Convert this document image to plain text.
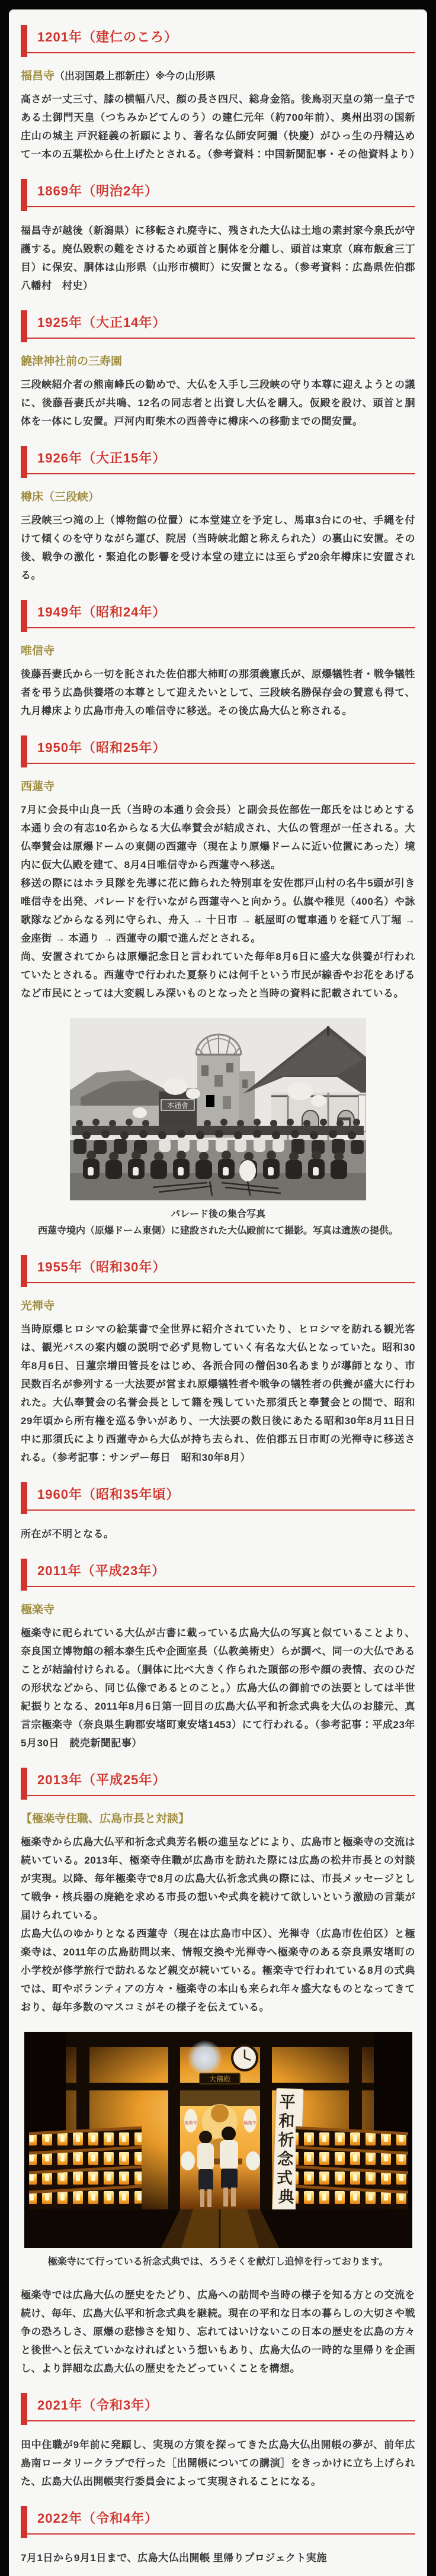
1201年（建仁のころ）
福昌寺（出羽国最上郡新庄）※今の山形県

髙さが一丈三寸、膝の横幅八尺、顔の長さ四尺、総身金箔。後鳥羽天皇の第一皇子である土御門天皇（つちみかどてんのう）の建仁元年（約700年前）、奥州出羽の国新庄山の城主 戸沢経義の祈願により、著名な仏師安阿彌（快慶）がひっ生の丹精込めて一本の五葉松から仕上げたとされる。（参考資料：中国新聞記事・その他資料より）

1869年（明治2年）

福昌寺が越後（新潟県）に移転され廃寺に、残された大仏は土地の素封家今泉氏が守護する。廃仏毀釈の難をさけるため頭首と胴体を分離し、頭首は東京（麻布飯倉三丁目）に保安、胴体は山形県（山形市横町）に安置となる。（参考資料：広島県佐伯郡八幡村　村史）

1925年（大正14年）
饒津神社前の三寿園

三段峡紹介者の熊南峰氏の勧めで、大仏を入手し三段峡の守り本尊に迎えようとの議に、後藤吾妻氏が共鳴、12名の同志者と出資し大仏を購入。仮殿を設け、頭首と胴体を一体にし安置。戸河内町柴木の西善寺に樽床への移動までの間安置。

1926年（大正15年）
樽床（三段峡）

三段峡三つ滝の上（博物館の位置）に本堂建立を予定し、馬車3台にのせ、手縄を付けて傾くのを守りながら運び、院居（当時峡北館と称えられた）の裏山に安置。その後、戦争の激化・緊迫化の影響を受け本堂の建立には至らず20余年樽床に安置される。

1949年（昭和24年）
唯信寺

後藤吾妻氏から一切を託された佐伯郡大柿町の那須義憲氏が、原爆犠牲者・戦争犠牲者を弔う広島供養塔の本尊として迎えたいとして、三段峡名勝保存会の賛意も得て、九月樽床より広島市舟入の唯信寺に移送。その後広島大仏と称される。

1950年（昭和25年）
西蓮寺

7月に会長中山良一氏（当時の本通り会会長）と副会長佐部佐一郎氏をはじめとする本通り会の有志10名からなる大仏奉賛会が結成され、大仏の管理が一任される。大仏奉賛会は原爆ドームの東側の西蓮寺（現在より原爆ドームに近い位置にあった）境内に仮大仏殿を建て、8月4日唯信寺から西蓮寺へ移送。

移送の際にはホラ貝隊を先導に花に飾られた特別車を安佐郡戸山村の名牛5頭が引き唯信寺を出発、パレードを行いながら西蓮寺へと向かう。仏旗や稚児（400名）や詠歌隊などからなる列に守られ、舟入 → 十日市 → 紙屋町の電車通りを経て八丁堀 → 金座街 → 本通り → 西蓮寺の順で進んだとされる。

尚、安置されてからは原爆記念日と言われていた毎年8月6日に盛大な供養が行われていたとされる。西蓮寺で行われた夏祭りには何千という市民が線香やお花をあげるなど市民にとっては大変親しみ深いものとなったと当時の資料に記載されている。

本通會

パレード後の集合写真

西蓮寺境内（原爆ドーム東側）に建設された大仏殿前にて撮影。写真は遺族の提供。

1955年（昭和30年）
光禅寺

当時原爆ヒロシマの絵葉書で全世界に紹介されていたり、ヒロシマを訪れる観光客は、観光バスの案内嬢の説明で必ず見物していく有名な大仏となっていた。昭和30年8月6日、日蓮宗増田管長をはじめ、各派合同の僧侶30名あまりが導師となり、市民数百名が参列する一大法要が営まれ原爆犠牲者や戦争の犠牲者の供養が盛大に行われた。大仏奉賛会の名誉会長として籍を残していた那須氏と奉賛会との間で、昭和29年頃から所有権を巡る争いがあり、一大法要の数日後にあたる昭和30年8月11日日中に那須氏により西蓮寺から大仏が持ち去られ、佐伯郡五日市町の光禅寺に移送される。（参考記事：サンデー毎日　昭和30年8月）

1960年（昭和35年頃）

所在が不明となる。

2011年（平成23年）
極楽寺

極楽寺に祀られている大仏が古書に載っている広島大仏の写真と似ていることより、奈良国立博物館の稲本泰生氏や企画室長（仏教美術史）らが調べ、同一の大仏であることが結論付けられる。（胴体に比べ大きく作られた頭部の形や顔の表情、衣のひだの形状などから、同じ仏像であるとのこと。）広島大仏の御前での法要としては半世紀振りとなる、2011年8月6日第一回目の広島大仏平和祈念式典を大仏のお膝元、真言宗極楽寺（奈良県生駒郡安堵町東安堵1453）にて行われる。（参考記事：平成23年5月30日　読売新聞記事）

2013年（平成25年）
【極楽寺住職、広島市長と対談】

極楽寺から広島大仏平和祈念式典芳名帳の進呈などにより、広島市と極楽寺の交流は続いている。2013年、極楽寺住職が広島市を訪れた際には広島の松井市長との対談が実現。以降、毎年極楽寺で8月の広島大仏祈念式典の際には、市長メッセージとして戦争・核兵器の廃絶を求める市長の想いや式典を続けて欲しいという激励の言葉が届けられている。

広島大仏のゆかりとなる西蓮寺（現在は広島市中区）、光禅寺（広島市佐伯区）と極楽寺は、2011年の広島訪問以来、情報交換や光禅寺へ極楽寺のある奈良県安堵町の小学校が修学旅行で訪れるなど親交が続いている。極楽寺で行われている8月の式典では、町やボランティアの方々・極楽寺の本山も来られ年々盛大なものとなってきており、毎年多数のマスコミがその様子を伝えている。

大佛殿
極楽寺	極楽寺
平 和 祈 念 式 典

極楽寺にて行っている祈念式典では、ろうそくを献灯し追悼を行っております。

極楽寺では広島大仏の歴史をたどり、広島への訪問や当時の様子を知る方との交流を続け、毎年、広島大仏平和祈念式典を継続。現在の平和な日本の暮らしの大切さや戦争の恐ろしさ、原爆の悲惨さを知り、忘れてはいけないこの日本の歴史を広島の方々と後世へと伝えていかなければという想いもあり、広島大仏の一時的な里帰りを企画し、より詳細な広島大仏の歴史をたどっていくことを構想。

2021年（令和3年）

田中住職が9年前に発願し、実現の方策を探ってきた広島大仏出開帳の夢が、前年広島南ロータリークラブで行った［出開帳についての講演］をきっかけに立ち上げられた、広島大仏出開帳実行委員会によって実現されることになる。

2022年（令和4年）

7月1日から9月1日まで、広島大仏出開帳 里帰りプロジェクト実施
